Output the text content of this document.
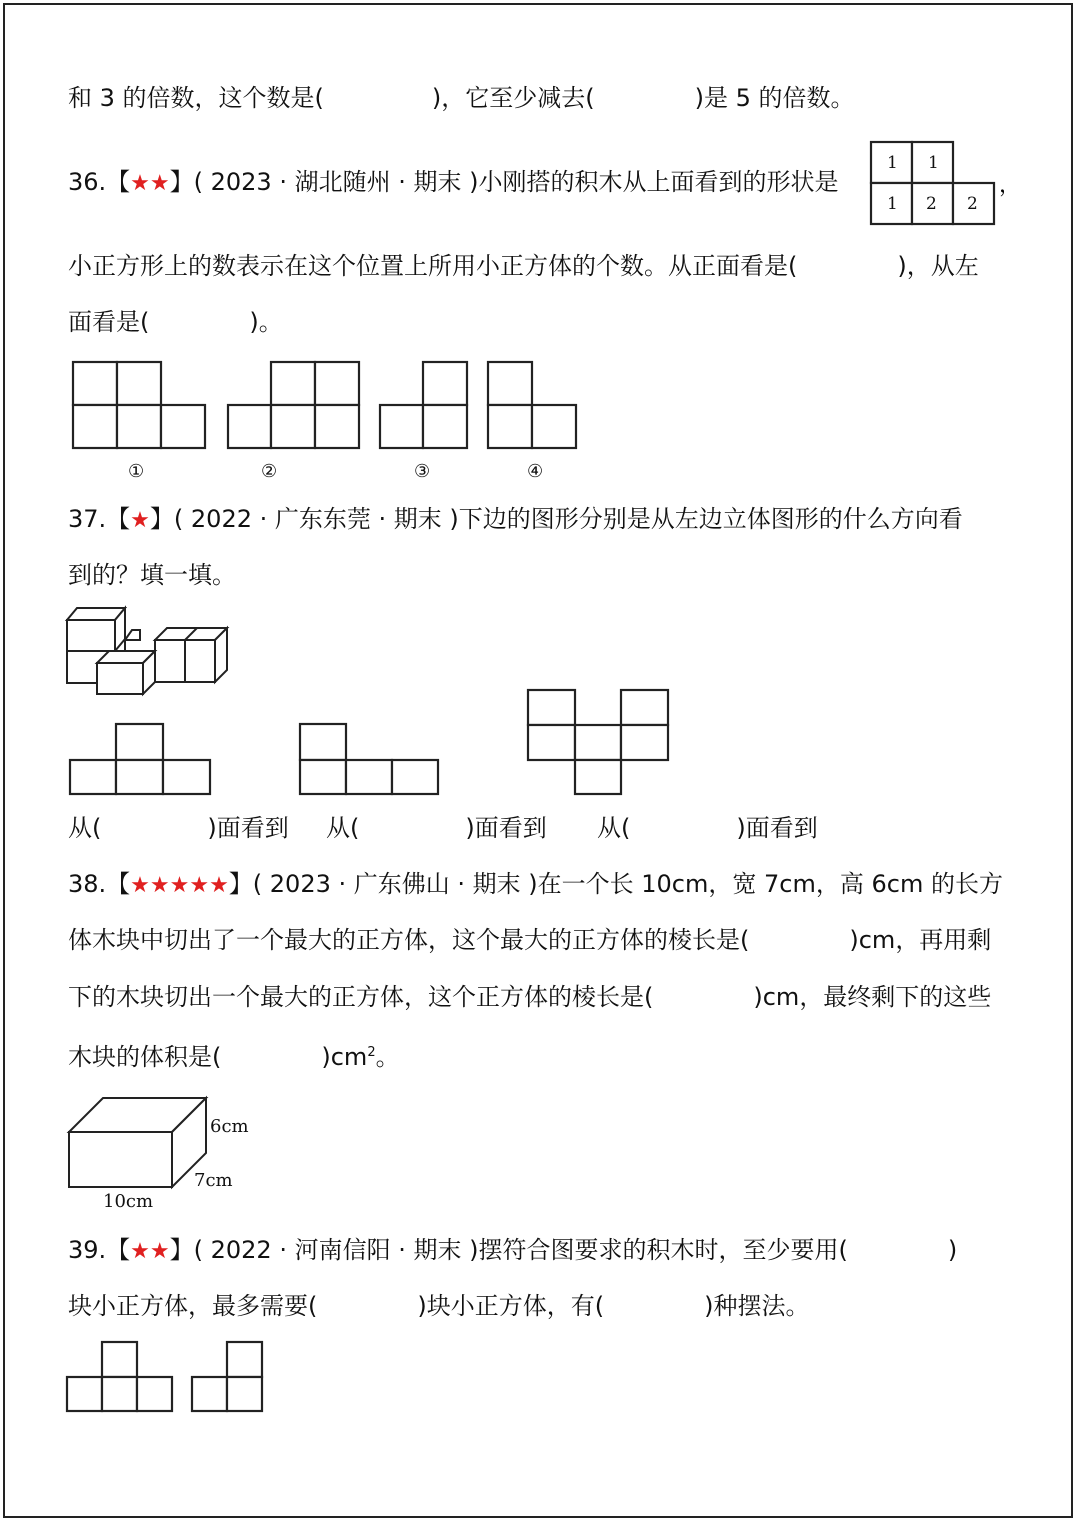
和 3 的倍数，这个数是(	)，它至少减去(	)是 5 的倍数。
36.【★★】( 2023 · 湖北随州 · 期末 )小刚搭的积木从上面看到的形状是
1 1
1 2 2
，
小正方形上的数表示在这个位置上所用小正方体的个数。从正面看是(	)，从左
面看是(	)。
①	②	③	④
37.【★】( 2022 · 广东东莞 · 期末 )下边的图形分别是从左边立体图形的什么方向看
到的？填一填。
从(	)面看到 从(	)面看到 从(	)面看到
38.【★★★★★】( 2023 · 广东佛山 · 期末 )在一个长 10cm，宽 7cm，高 6cm 的长方
体木块中切出了一个最大的正方体，这个最大的正方体的棱长是(	)cm，再用剩
下的木块切出一个最大的正方体，这个正方体的棱长是(	)cm，最终剩下的这些
木块的体积是(	)$cm^2$。
6cm
7cm
10cm
39.【★★】( 2022 · 河南信阳 · 期末 )摆符合图要求的积木时，至少要用(	)
块小正方体，最多需要(	)块小正方体，有(	)种摆法。
